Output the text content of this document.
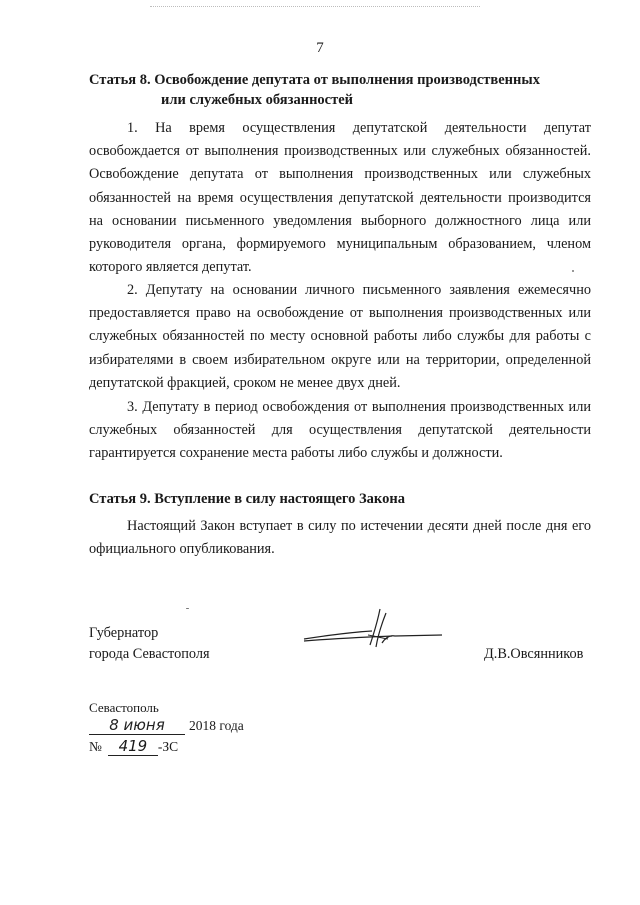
7
Статья 8. Освобождение депутата от выполнения производственных
или служебных обязанностей

1. На время осуществления депутатской деятельности депутат освобождается от выполнения производственных или служебных обязанностей. Освобождение депутата от выполнения производственных или служебных обязанностей на время осуществления депутатской деятельности производится на основании письменного уведомления выборного должностного лица или руководителя органа, формируемого муниципальным образованием, членом которого является депутат.

2. Депутату на основании личного письменного заявления ежемесячно предоставляется право на освобождение от выполнения производственных или служебных обязанностей по месту основной работы либо службы для работы с избирателями в своем избирательном округе или на территории, определенной депутатской фракцией, сроком не менее двух дней.

3. Депутату в период освобождения от выполнения производственных или служебных обязанностей для осуществления депутатской деятельности гарантируется сохранение места работы либо службы и должности.

Статья 9. Вступление в силу настоящего Закона

Настоящий Закон вступает в силу по истечении десяти дней после дня его официального опубликования.

Губернатор
города Севастополя	Д.В.Овсянников
Севастополь
8 июня 2018 года
№ 419 -ЗС
